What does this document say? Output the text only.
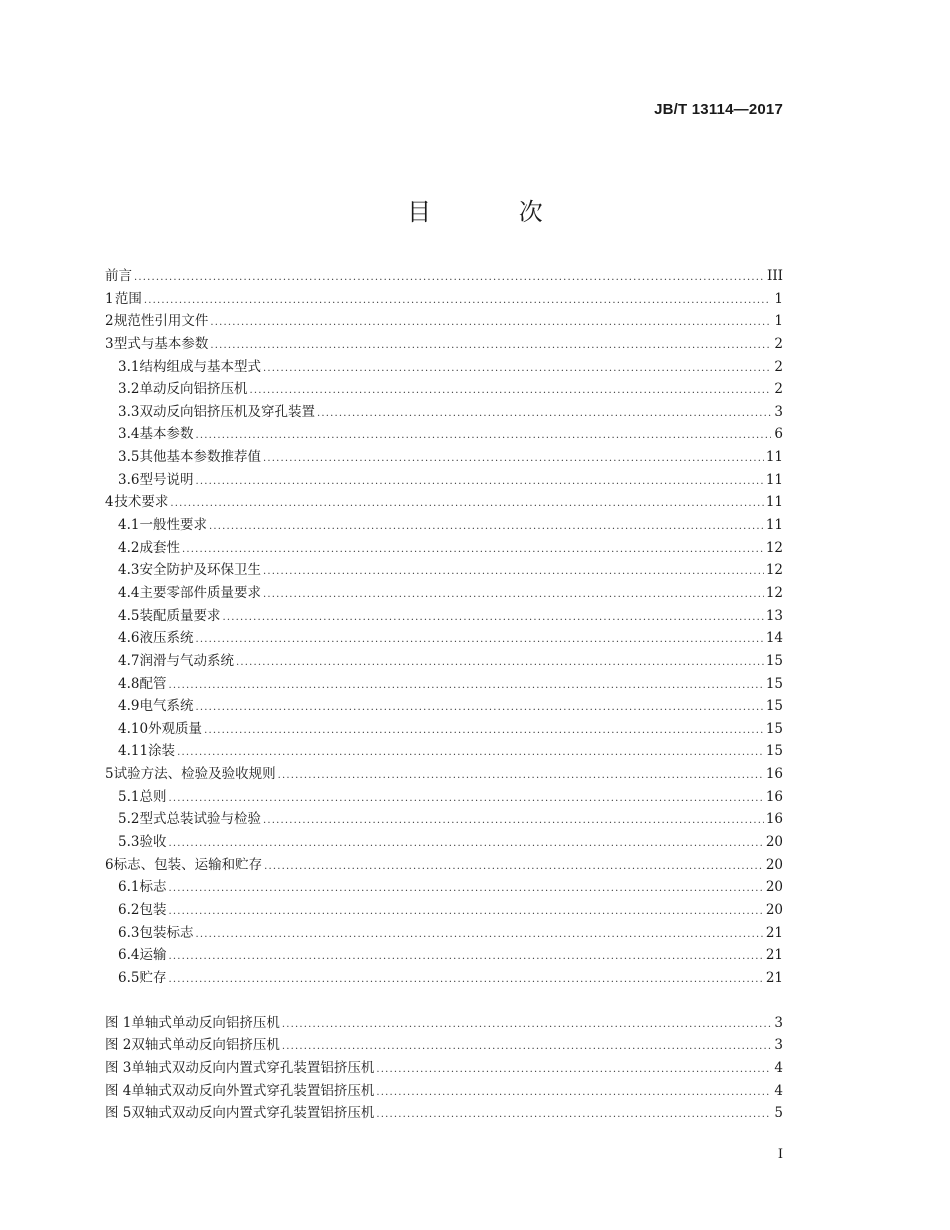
JB/T 13114—2017
目 次
前言 .....	III
1 范围 .....	1
2 规范性引用文件 .....	1
3 型式与基本参数 .....	2
3.1 结构组成与基本型式 .....	2
3.2 单动反向铝挤压机 .....	2
3.3 双动反向铝挤压机及穿孔装置 .....	3
3.4 基本参数 .....	6
3.5 其他基本参数推荐值 .....	11
3.6 型号说明 .....	11
4 技术要求 .....	11
4.1 一般性要求 .....	11
4.2 成套性 .....	12
4.3 安全防护及环保卫生 .....	12
4.4 主要零部件质量要求 .....	12
4.5 装配质量要求 .....	13
4.6 液压系统 .....	14
4.7 润滑与气动系统 .....	15
4.8 配管 .....	15
4.9 电气系统 .....	15
4.10 外观质量 .....	15
4.11 涂装 .....	15
5 试验方法、检验及验收规则 .....	16
5.1 总则 .....	16
5.2 型式总装试验与检验 .....	16
5.3 验收 .....	20
6 标志、包装、运输和贮存 .....	20
6.1 标志 .....	20
6.2 包装 .....	20
6.3 包装标志 .....	21
6.4 运输 .....	21
6.5 贮存 .....	21
图 1 单轴式单动反向铝挤压机 .....	3
图 2 双轴式单动反向铝挤压机 .....	3
图 3 单轴式双动反向内置式穿孔装置铝挤压机 .....	4
图 4 单轴式双动反向外置式穿孔装置铝挤压机 .....	4
图 5 双轴式双动反向内置式穿孔装置铝挤压机 .....	5
I
